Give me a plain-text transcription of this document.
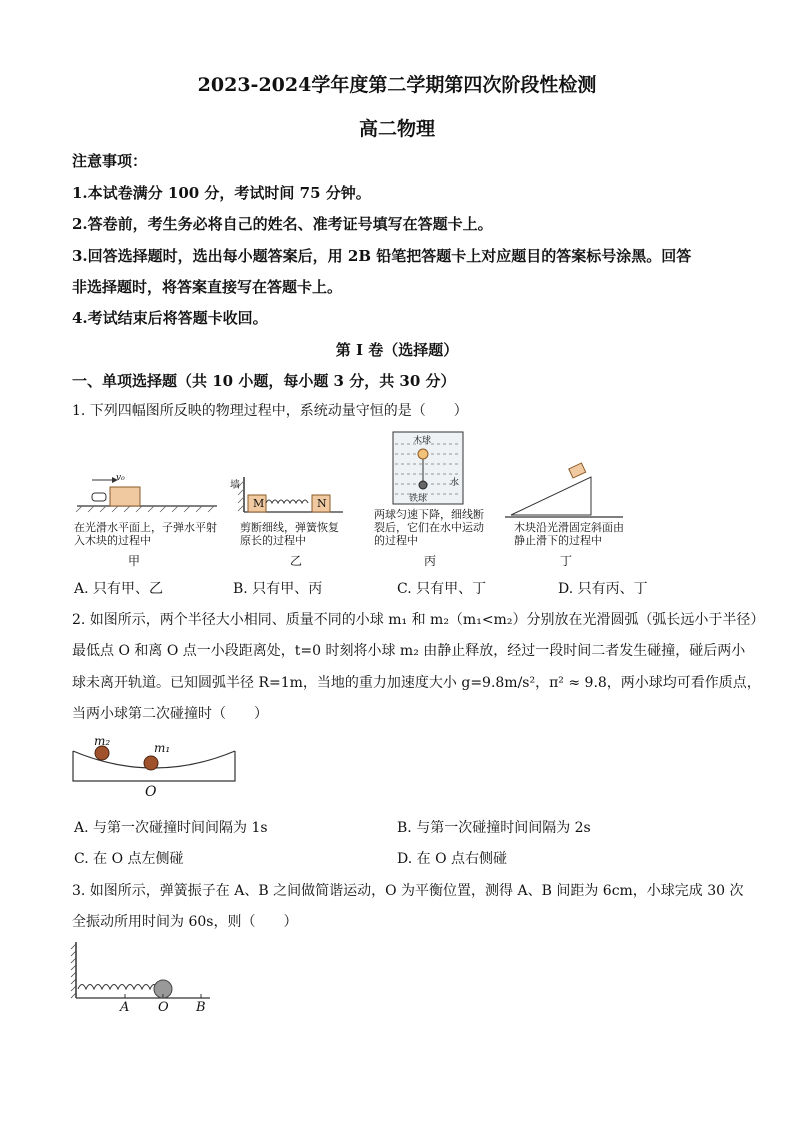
2023-2024学年度第二学期第四次阶段性检测
高二物理
注意事项：
1.本试卷满分 100 分，考试时间 75 分钟。
2.答卷前，考生务必将自己的姓名、准考证号填写在答题卡上。
3.回答选择题时，选出每小题答案后，用 2B 铅笔把答题卡上对应题目的答案标号涂黑。回答
非选择题时，将答案直接写在答题卡上。
4.考试结束后将答题卡收回。
第 I 卷（选择题）
一、单项选择题（共 10 小题，每小题 3 分，共 30 分）
1. 下列四幅图所反映的物理过程中，系统动量守恒的是（　　）
v₀
在光滑水平面上，子弹水平射入木块的过程中
甲
墙
M	N
剪断细线，弹簧恢复原长的过程中
乙
木球
水
铁球
两球匀速下降，细线断裂后，它们在水中运动的过程中
丙
木块沿光滑固定斜面由静止滑下的过程中
丁
A. 只有甲、乙	B. 只有甲、丙	C. 只有甲、丁	D. 只有丙、丁
2. 如图所示，两个半径大小相同、质量不同的小球 m₁ 和 m₂（m₁<m₂）分别放在光滑圆弧（弧长远小于半径）
最低点 O 和离 O 点一小段距离处，t=0 时刻将小球 m₂ 由静止释放，经过一段时间二者发生碰撞，碰后两小
球未离开轨道。已知圆弧半径 R=1m，当地的重力加速度大小 g=9.8m/s²，π² ≈ 9.8，两小球均可看作质点，
当两小球第二次碰撞时（　　）
m₂	m₁
O
A. 与第一次碰撞时间间隔为 1s	B. 与第一次碰撞时间间隔为 2s
C. 在 O 点左侧碰	D. 在 O 点右侧碰
3. 如图所示，弹簧振子在 A、B 之间做简谐运动，O 为平衡位置，测得 A、B 间距为 6cm，小球完成 30 次
全振动所用时间为 60s，则（　　）
A O B
